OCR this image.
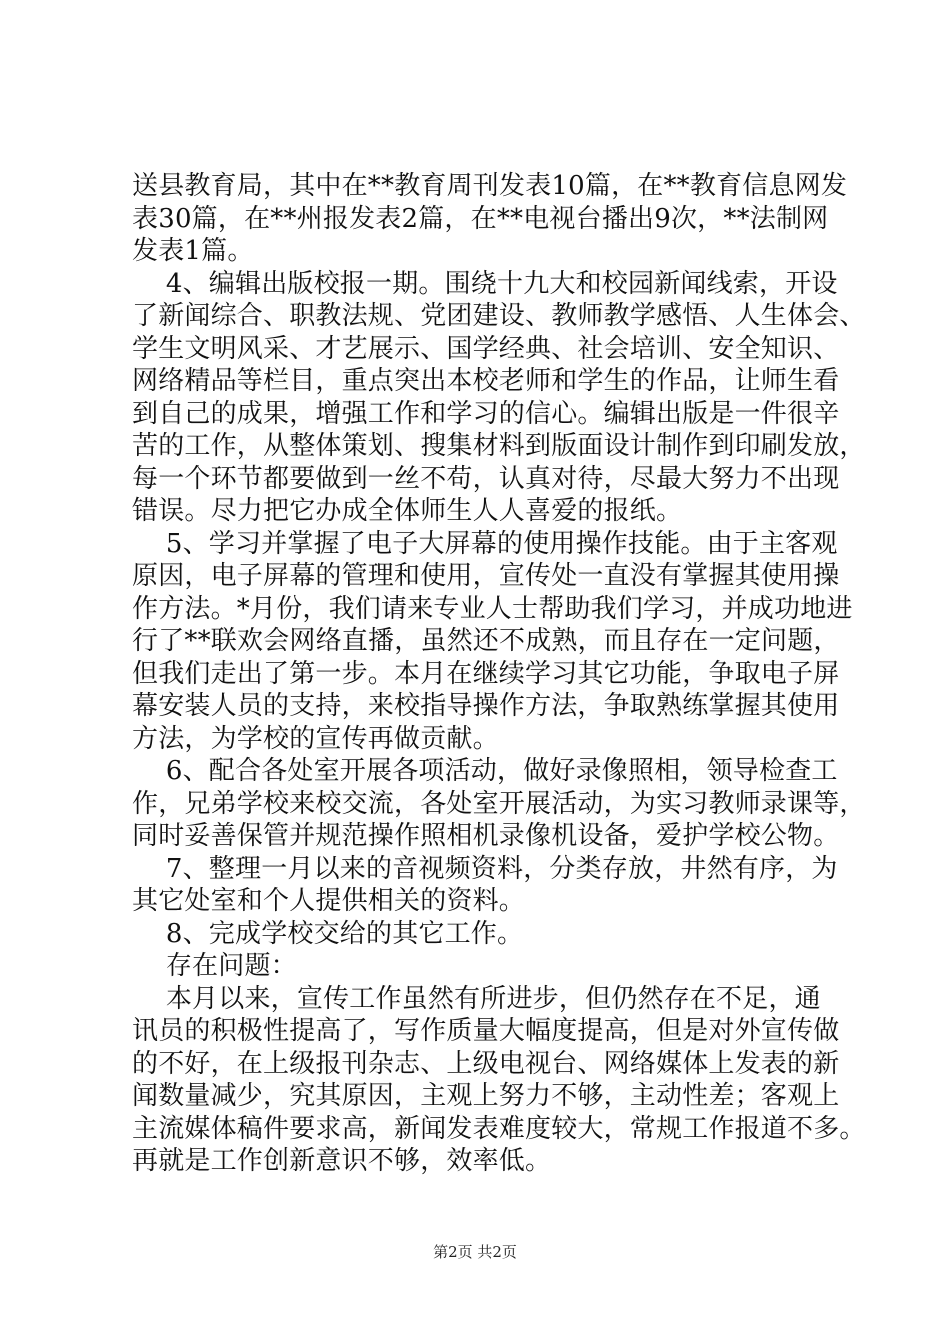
送县教育局，其中在**教育周刊发表10篇，在**教育信息网发
表30篇，在**州报发表2篇，在**电视台播出9次，**法制网
发表1篇。
4、编辑出版校报一期。围绕十九大和校园新闻线索，开设
了新闻综合、职教法规、党团建设、教师教学感悟、人生体会、
学生文明风采、才艺展示、国学经典、社会培训、安全知识、
网络精品等栏目，重点突出本校老师和学生的作品，让师生看
到自己的成果，增强工作和学习的信心。编辑出版是一件很辛
苦的工作，从整体策划、搜集材料到版面设计制作到印刷发放，
每一个环节都要做到一丝不苟，认真对待，尽最大努力不出现
错误。尽力把它办成全体师生人人喜爱的报纸。
5、学习并掌握了电子大屏幕的使用操作技能。由于主客观
原因，电子屏幕的管理和使用，宣传处一直没有掌握其使用操
作方法。*月份，我们请来专业人士帮助我们学习，并成功地进
行了**联欢会网络直播，虽然还不成熟，而且存在一定问题，
但我们走出了第一步。本月在继续学习其它功能，争取电子屏
幕安装人员的支持，来校指导操作方法，争取熟练掌握其使用
方法，为学校的宣传再做贡献。
6、配合各处室开展各项活动，做好录像照相，领导检查工
作，兄弟学校来校交流，各处室开展活动，为实习教师录课等，
同时妥善保管并规范操作照相机录像机设备，爱护学校公物。
7、整理一月以来的音视频资料，分类存放，井然有序，为
其它处室和个人提供相关的资料。
8、完成学校交给的其它工作。
存在问题：
本月以来，宣传工作虽然有所进步，但仍然存在不足，通
讯员的积极性提高了，写作质量大幅度提高，但是对外宣传做
的不好，在上级报刊杂志、上级电视台、网络媒体上发表的新
闻数量减少，究其原因，主观上努力不够，主动性差；客观上
主流媒体稿件要求高，新闻发表难度较大，常规工作报道不多。
再就是工作创新意识不够，效率低。
第2页 共2页
